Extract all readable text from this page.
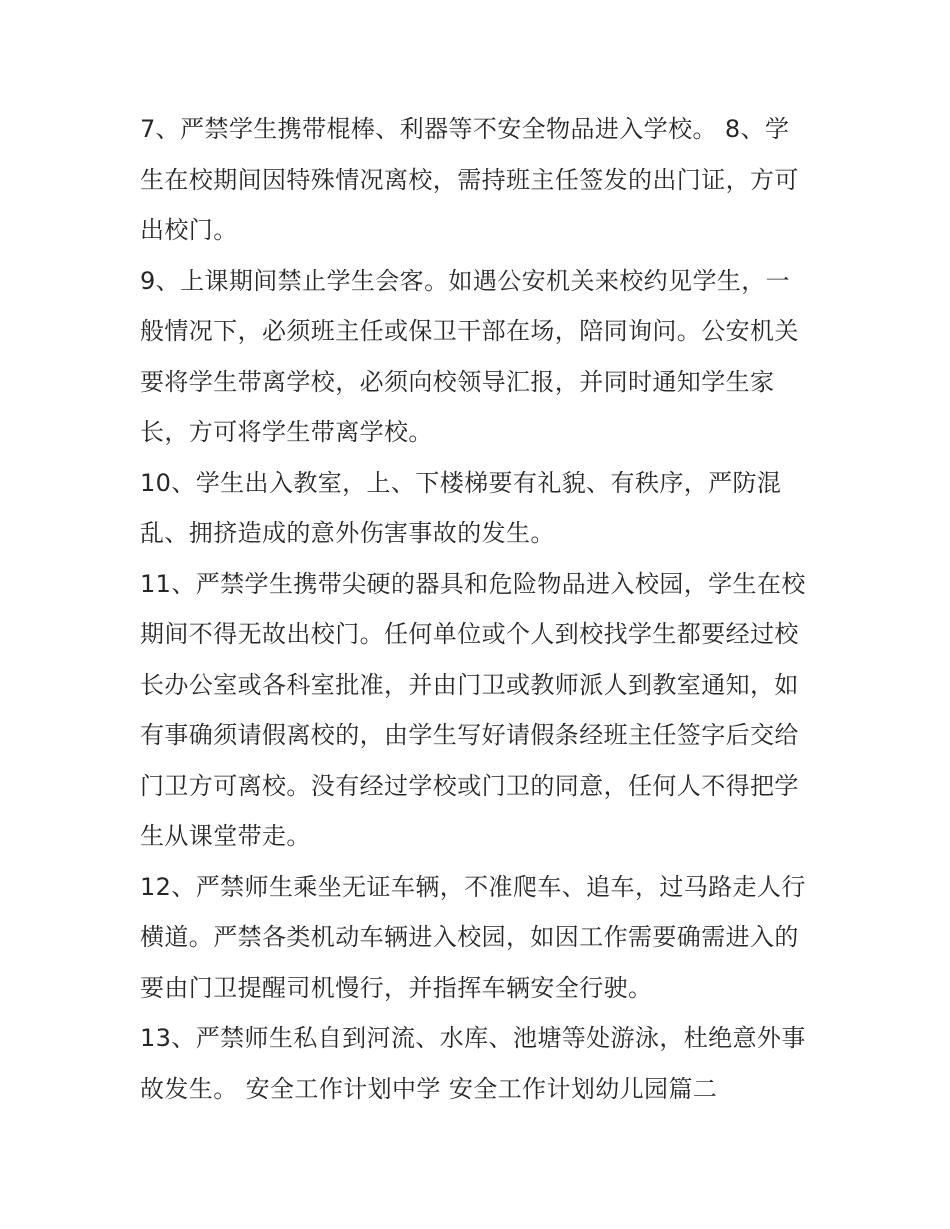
7、严禁学生携带棍棒、利器等不安全物品进入学校。 8、学
生在校期间因特殊情况离校，需持班主任签发的出门证，方可
出校门。
9、上课期间禁止学生会客。如遇公安机关来校约见学生，一
般情况下，必须班主任或保卫干部在场，陪同询问。公安机关
要将学生带离学校，必须向校领导汇报，并同时通知学生家
长，方可将学生带离学校。
10、学生出入教室，上、下楼梯要有礼貌、有秩序，严防混
乱、拥挤造成的意外伤害事故的发生。
11、严禁学生携带尖硬的器具和危险物品进入校园，学生在校
期间不得无故出校门。任何单位或个人到校找学生都要经过校
长办公室或各科室批准，并由门卫或教师派人到教室通知，如
有事确须请假离校的，由学生写好请假条经班主任签字后交给
门卫方可离校。没有经过学校或门卫的同意，任何人不得把学
生从课堂带走。
12、严禁师生乘坐无证车辆，不准爬车、追车，过马路走人行
横道。严禁各类机动车辆进入校园，如因工作需要确需进入的
要由门卫提醒司机慢行，并指挥车辆安全行驶。
13、严禁师生私自到河流、水库、池塘等处游泳，杜绝意外事
故发生。 安全工作计划中学 安全工作计划幼儿园篇二
